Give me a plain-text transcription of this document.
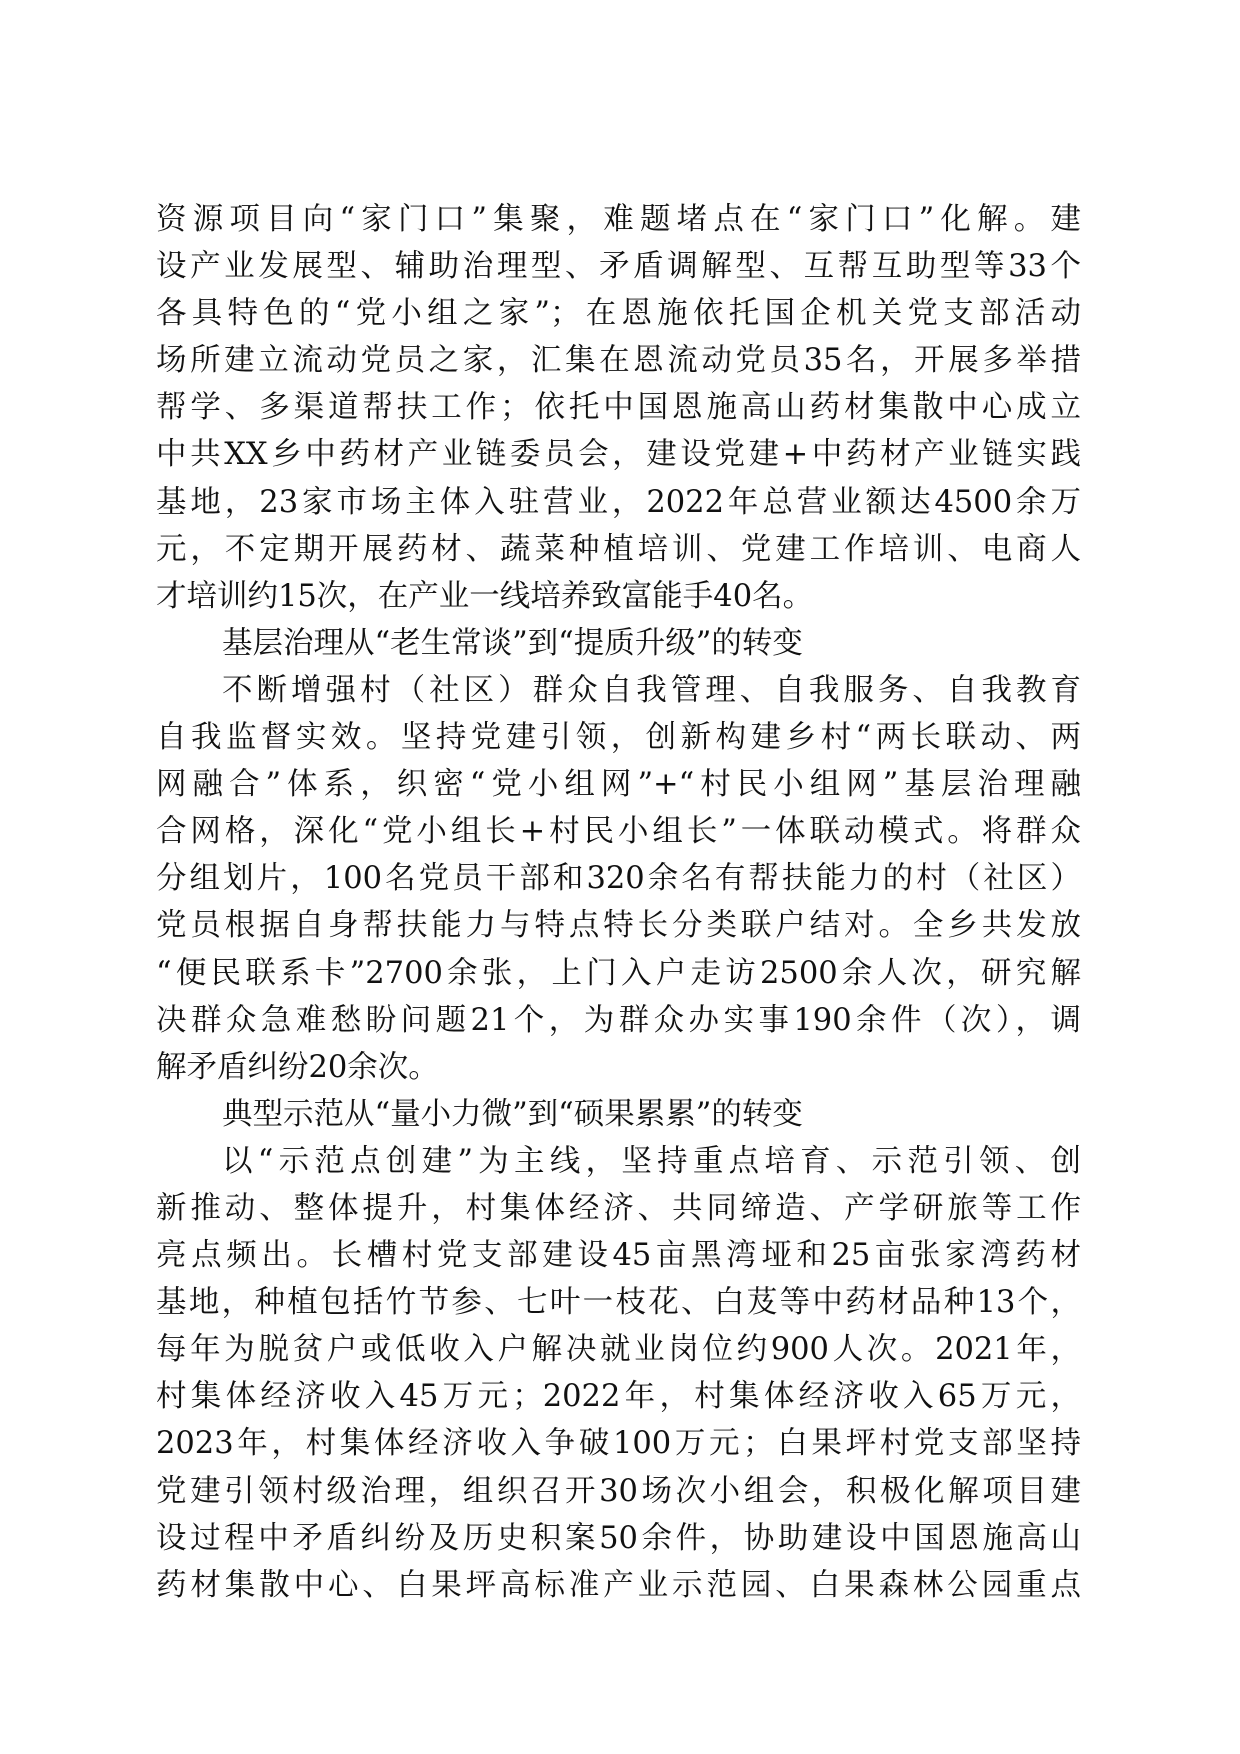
资源项目向“家门口”集聚，难题堵点在“家门口”化解。建
设产业发展型、辅助治理型、矛盾调解型、互帮互助型等33个
各具特色的“党小组之家”；在恩施依托国企机关党支部活动
场所建立流动党员之家，汇集在恩流动党员35名，开展多举措
帮学、多渠道帮扶工作；依托中国恩施高山药材集散中心成立
中共XX乡中药材产业链委员会，建设党建+中药材产业链实践
基地，23家市场主体入驻营业，2022年总营业额达4500余万
元，不定期开展药材、蔬菜种植培训、党建工作培训、电商人
才培训约15次，在产业一线培养致富能手40名。
基层治理从“老生常谈”到“提质升级”的转变
不断增强村（社区）群众自我管理、自我服务、自我教育
自我监督实效。坚持党建引领，创新构建乡村“两长联动、两
网融合”体系，织密“党小组网”+“村民小组网”基层治理融
合网格，深化“党小组长+村民小组长”一体联动模式。将群众
分组划片，100名党员干部和320余名有帮扶能力的村（社区）
党员根据自身帮扶能力与特点特长分类联户结对。全乡共发放
“便民联系卡”2700余张，上门入户走访2500余人次，研究解
决群众急难愁盼问题21个，为群众办实事190余件（次），调
解矛盾纠纷20余次。
典型示范从“量小力微”到“硕果累累”的转变
以“示范点创建”为主线，坚持重点培育、示范引领、创
新推动、整体提升，村集体经济、共同缔造、产学研旅等工作
亮点频出。长槽村党支部建设45亩黑湾垭和25亩张家湾药材
基地，种植包括竹节参、七叶一枝花、白芨等中药材品种13个，
每年为脱贫户或低收入户解决就业岗位约900人次。2021年，
村集体经济收入45万元；2022年，村集体经济收入65万元，
2023年，村集体经济收入争破100万元；白果坪村党支部坚持
党建引领村级治理，组织召开30场次小组会，积极化解项目建
设过程中矛盾纠纷及历史积案50余件，协助建设中国恩施高山
药材集散中心、白果坪高标准产业示范园、白果森林公园重点
